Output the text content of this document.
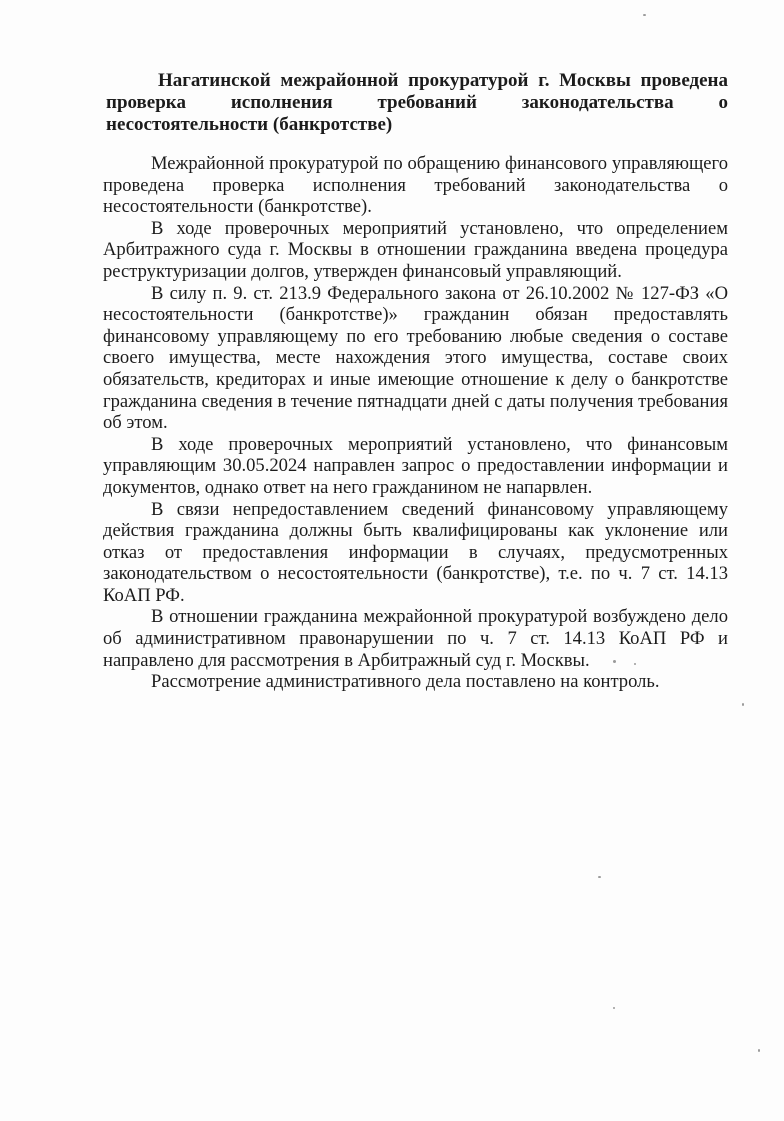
Нагатинской межрайонной прокуратурой г. Москвы проведена проверка исполнения требований законодательства о несостоятельности (банкротстве)

Межрайонной прокуратурой по обращению финансового управляющего проведена проверка исполнения требований законодательства о несостоятельности (банкротстве).

В ходе проверочных мероприятий установлено, что определением Арбитражного суда г. Москвы в отношении гражданина введена процедура реструктуризации долгов, утвержден финансовый управляющий.

В силу п. 9. ст. 213.9 Федерального закона от 26.10.2002 № 127-ФЗ «О несостоятельности (банкротстве)» гражданин обязан предоставлять финансовому управляющему по его требованию любые сведения о составе своего имущества, месте нахождения этого имущества, составе своих обязательств, кредиторах и иные имеющие отношение к делу о банкротстве гражданина сведения в течение пятнадцати дней с даты получения требования об этом.

В ходе проверочных мероприятий установлено, что финансовым управляющим 30.05.2024 направлен запрос о предоставлении информации и документов, однако ответ на него гражданином не напарвлен.

В связи непредоставлением сведений финансовому управляющему действия гражданина должны быть квалифицированы как уклонение или отказ от предоставления информации в случаях, предусмотренных законодательством о несостоятельности (банкротстве), т.е. по ч. 7 ст. 14.13 КоАП РФ.

В отношении гражданина межрайонной прокуратурой возбуждено дело об административном правонарушении по ч. 7 ст. 14.13 КоАП РФ и направлено для рассмотрения в Арбитражный суд г. Москвы.

Рассмотрение административного дела поставлено на контроль.
